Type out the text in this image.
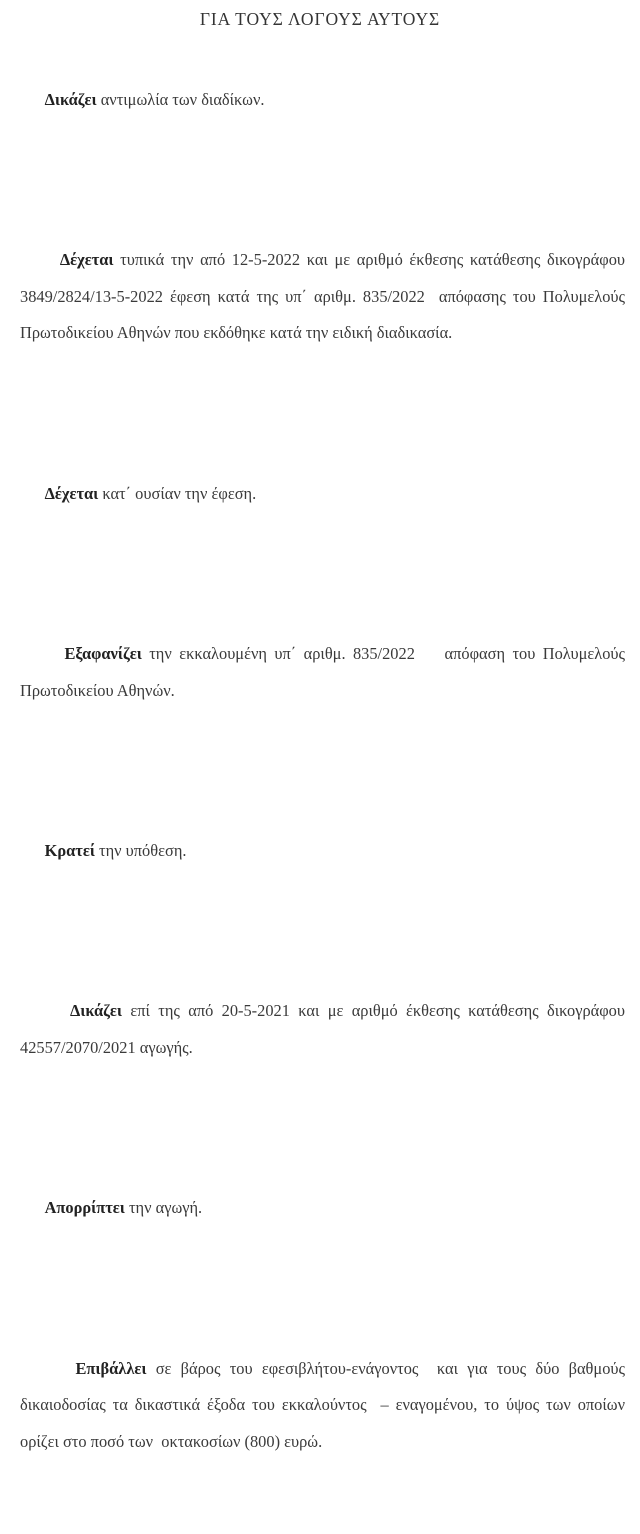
ΓΙΑ ΤΟΥΣ ΛΟΓΟΥΣ ΑΥΤΟΥΣ

Δικάζει αντιμωλία των διαδίκων.

Δέχεται τυπικά την από 12-5-2022 και με αριθμό έκθεσης κατάθεσης δικογράφου 3849/2824/13-5-2022 έφεση κατά της υπ΄ αριθμ. 835/2022  απόφασης του Πολυμελούς  Πρωτοδικείου Αθηνών που εκδόθηκε κατά την ειδική διαδικασία.

Δέχεται κατ΄ ουσίαν την έφεση.

Εξαφανίζει την εκκαλουμένη υπ΄ αριθμ. 835/2022    απόφαση του Πολυμελούς  Πρωτοδικείου Αθηνών.

Κρατεί την υπόθεση.

Δικάζει επί της από 20-5-2021 και με αριθμό έκθεσης κατάθεσης δικογράφου 42557/2070/2021 αγωγής.

Απορρίπτει την αγωγή.

Επιβάλλει σε βάρος του εφεσιβλήτου-ενάγοντος  και για τους δύο βαθμούς δικαιοδοσίας τα δικαστικά έξοδα του εκκαλούντος  – εναγομένου, το ύψος των οποίων ορίζει στο ποσό των  οκτακοσίων (800) ευρώ.
